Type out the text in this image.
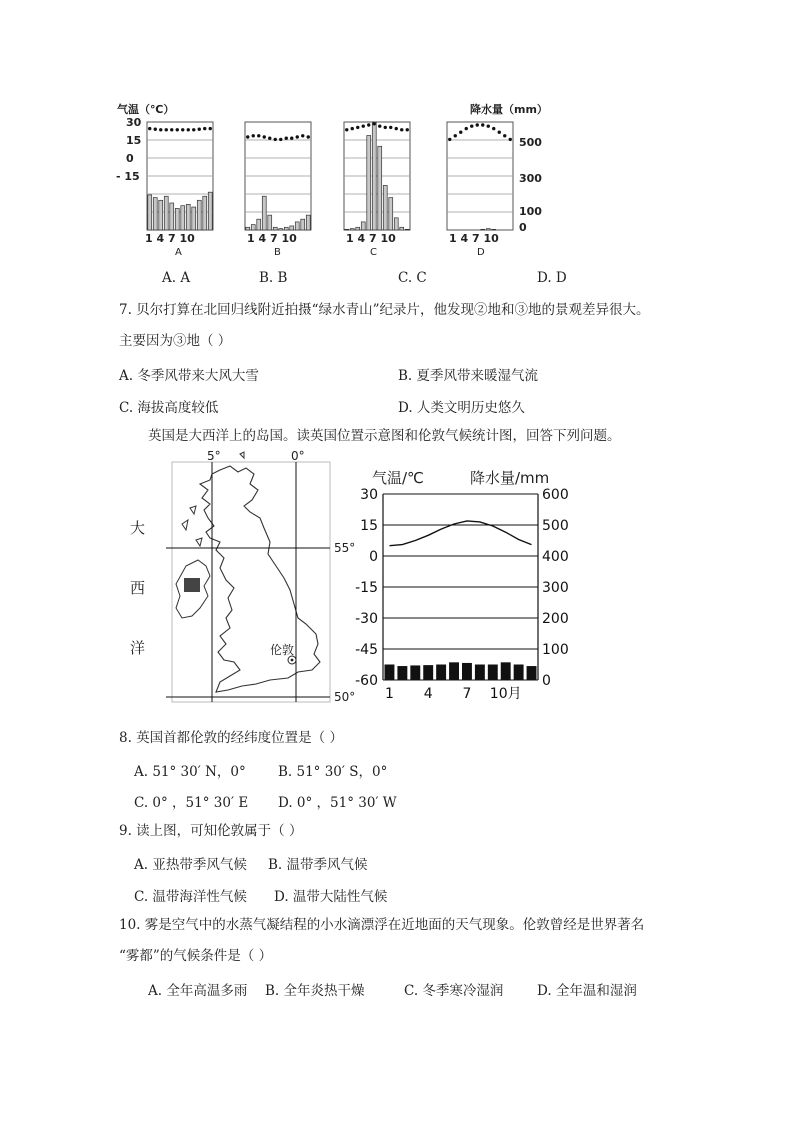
气温（℃）	降水量（mm）
30
15
0
- 15
500
300
100
0
1 4 7 10	1 4 7 10	1 4 7 10	1 4 7 10
A	B	C	D
A. A	B. B	C. C	D. D
7. 贝尔打算在北回归线附近拍摄“绿水青山”纪录片，他发现②地和③地的景观差异很大。
主要因为③地（ ）
A. 冬季风带来大风大雪	B. 夏季风带来暖湿气流
C. 海拔高度较低	D. 人类文明历史悠久
英国是大西洋上的岛国。读英国位置示意图和伦敦气候统计图，回答下列问题。
5°	0°
55°
50°
大
西
洋	伦敦
气温/℃	降水量/mm
30	600
15	500
0	400
-15	300
-30	200
-45	100
-60	0
1 4 7 10月
8. 英国首都伦敦的经纬度位置是（ ）
A. 51° 30′ N，0° B. 51° 30′ S，0°
C. 0° ，51° 30′ E D. 0° ，51° 30′ W
9. 读上图，可知伦敦属于（ ）
A. 亚热带季风气候 B. 温带季风气候
C. 温带海洋性气候 D. 温带大陆性气候
10. 雾是空气中的水蒸气凝结程的小水滴漂浮在近地面的天气现象。伦敦曾经是世界著名
“雾都”的气候条件是（ ）
A. 全年高温多雨 B. 全年炎热干燥	C. 冬季寒冷湿润 D. 全年温和湿润
